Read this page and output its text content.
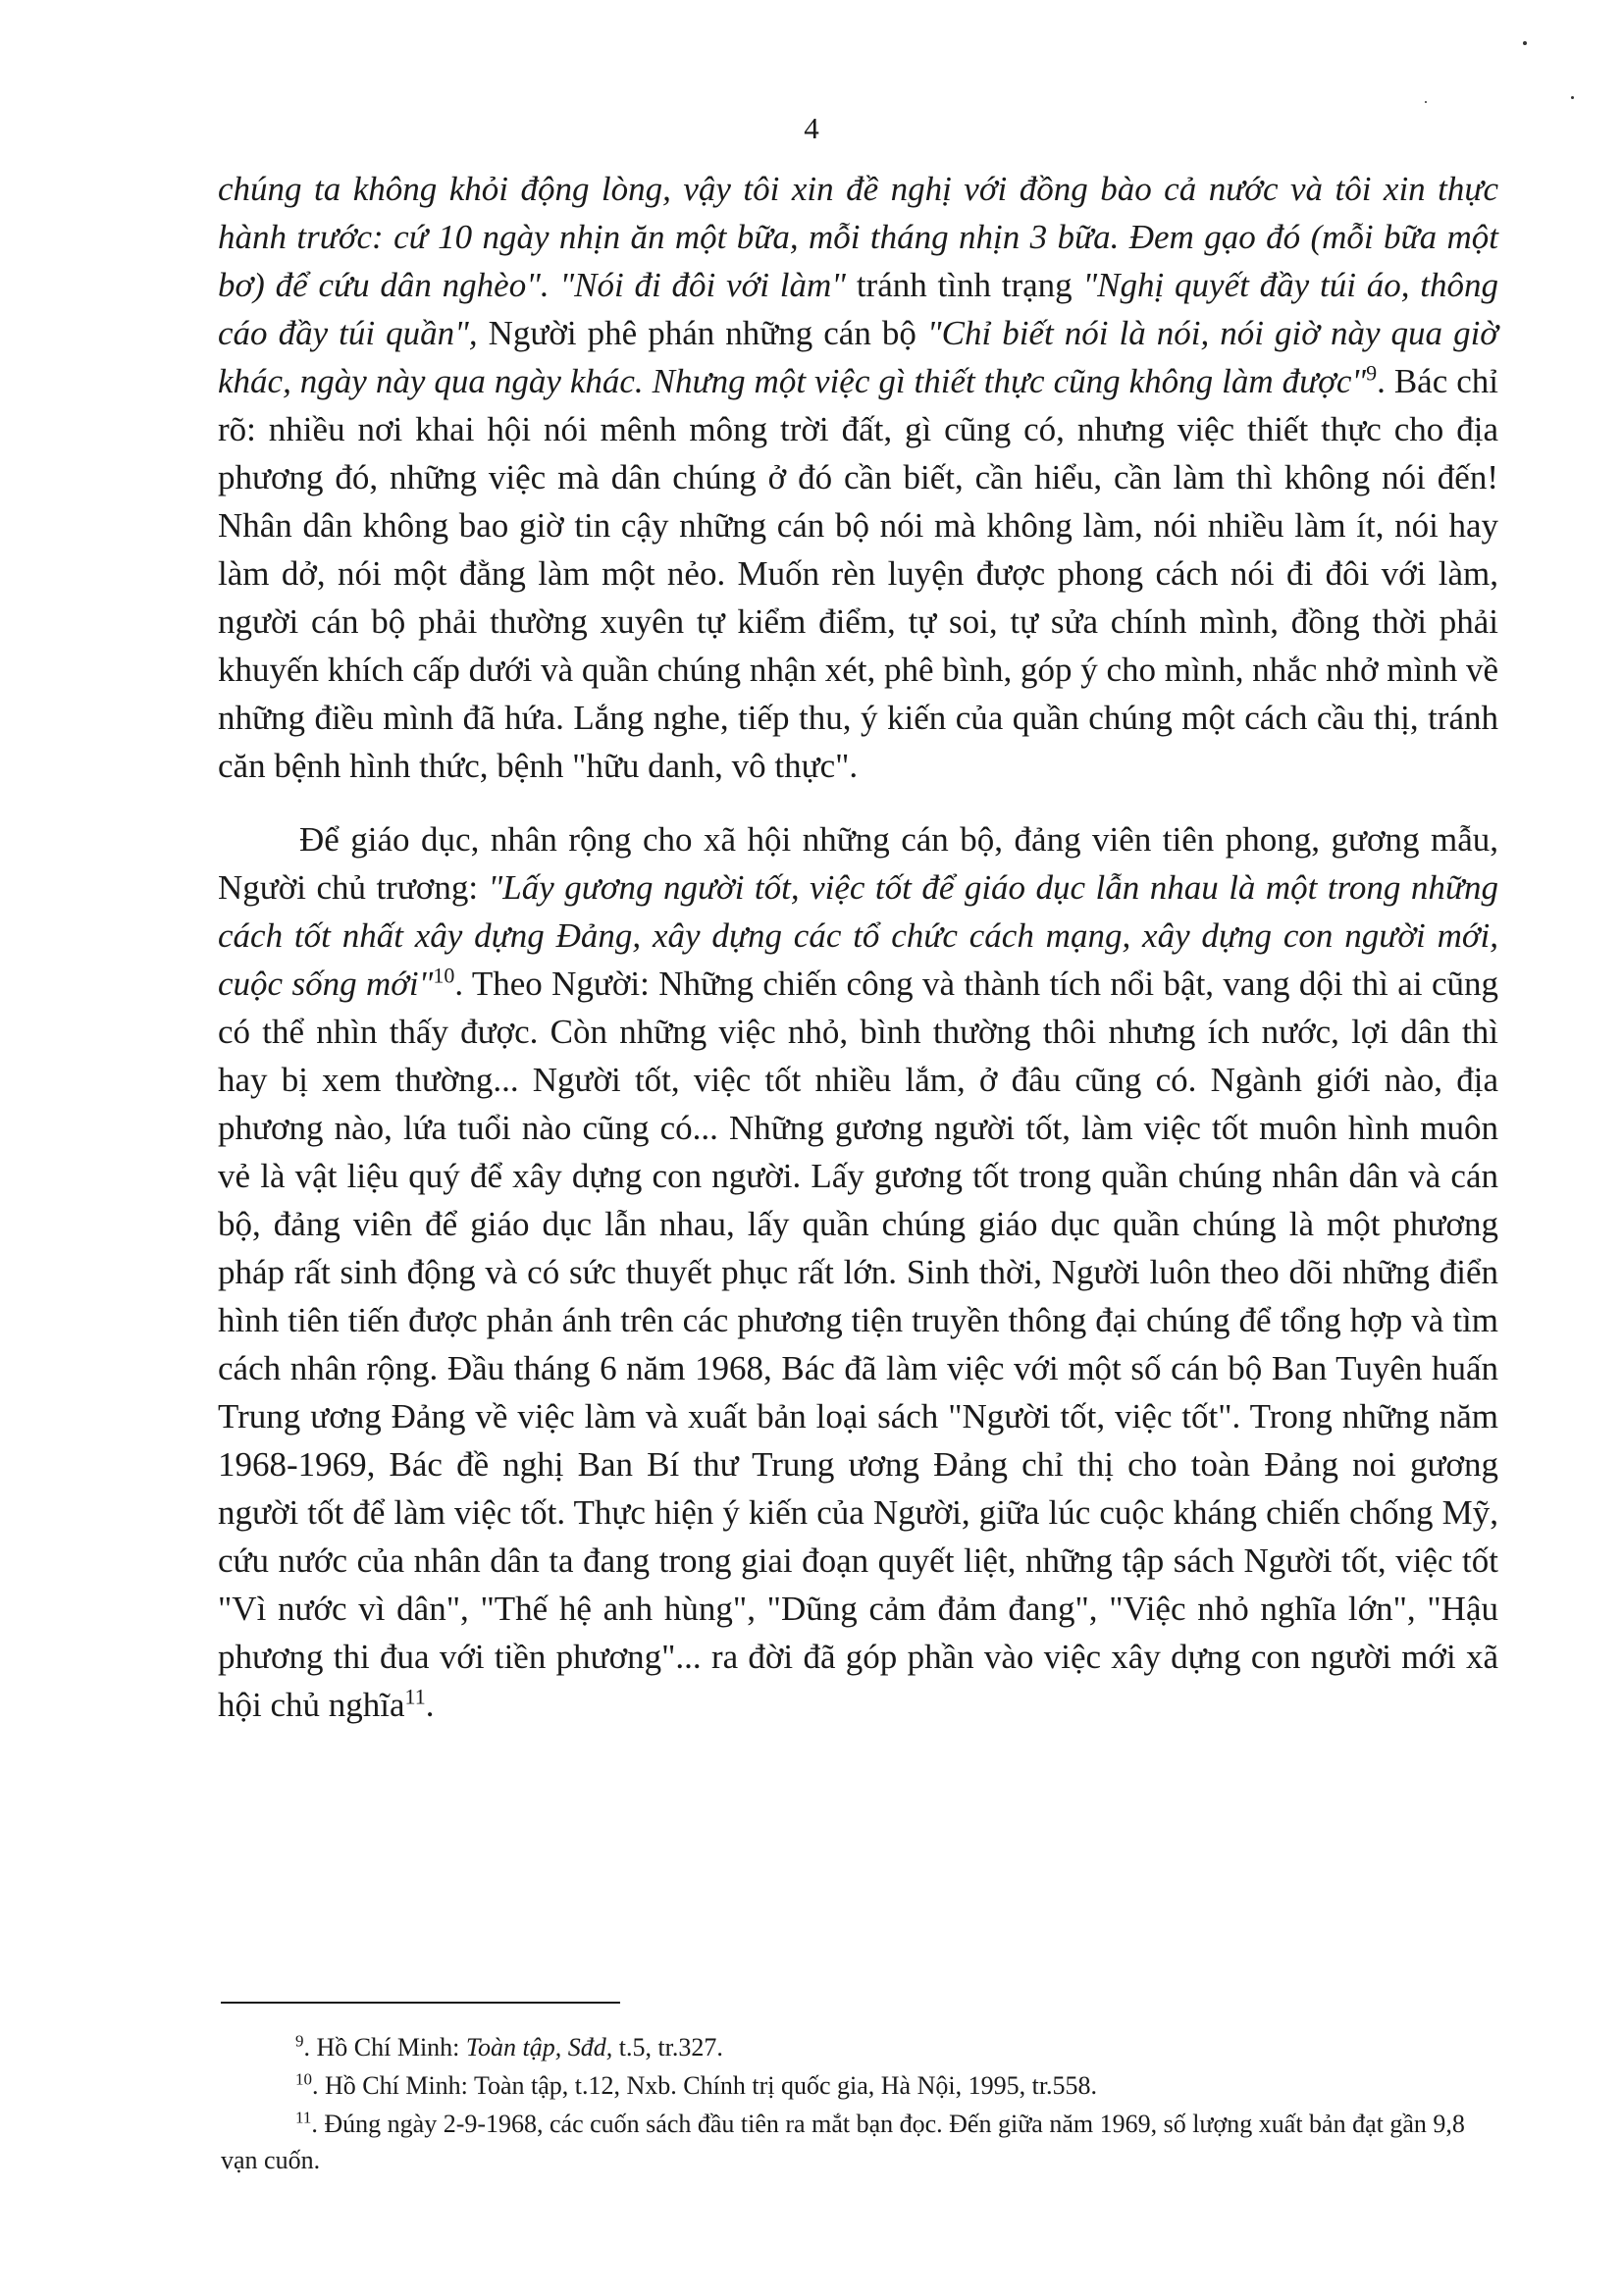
4

chúng ta không khỏi động lòng, vậy tôi xin đề nghị với đồng bào cả nước và tôi xin thực hành trước: cứ 10 ngày nhịn ăn một bữa, mỗi tháng nhịn 3 bữa. Đem gạo đó (mỗi bữa một bơ) để cứu dân nghèo". "Nói đi đôi với làm" tránh tình trạng "Nghị quyết đầy túi áo, thông cáo đầy túi quần", Người phê phán những cán bộ "Chỉ biết nói là nói, nói giờ này qua giờ khác, ngày này qua ngày khác. Nhưng một việc gì thiết thực cũng không làm được"$^9$. Bác chỉ rõ: nhiều nơi khai hội nói mênh mông trời đất, gì cũng có, nhưng việc thiết thực cho địa phương đó, những việc mà dân chúng ở đó cần biết, cần hiểu, cần làm thì không nói đến! Nhân dân không bao giờ tin cậy những cán bộ nói mà không làm, nói nhiều làm ít, nói hay làm dở, nói một đằng làm một nẻo. Muốn rèn luyện được phong cách nói đi đôi với làm, người cán bộ phải thường xuyên tự kiểm điểm, tự soi, tự sửa chính mình, đồng thời phải khuyến khích cấp dưới và quần chúng nhận xét, phê bình, góp ý cho mình, nhắc nhở mình về những điều mình đã hứa. Lắng nghe, tiếp thu, ý kiến của quần chúng một cách cầu thị, tránh căn bệnh hình thức, bệnh "hữu danh, vô thực".

Để giáo dục, nhân rộng cho xã hội những cán bộ, đảng viên tiên phong, gương mẫu, Người chủ trương: "Lấy gương người tốt, việc tốt để giáo dục lẫn nhau là một trong những cách tốt nhất xây dựng Đảng, xây dựng các tổ chức cách mạng, xây dựng con người mới, cuộc sống mới"$^{10}$. Theo Người: Những chiến công và thành tích nổi bật, vang dội thì ai cũng có thể nhìn thấy được. Còn những việc nhỏ, bình thường thôi nhưng ích nước, lợi dân thì hay bị xem thường... Người tốt, việc tốt nhiều lắm, ở đâu cũng có. Ngành giới nào, địa phương nào, lứa tuổi nào cũng có... Những gương người tốt, làm việc tốt muôn hình muôn vẻ là vật liệu quý để xây dựng con người. Lấy gương tốt trong quần chúng nhân dân và cán bộ, đảng viên để giáo dục lẫn nhau, lấy quần chúng giáo dục quần chúng là một phương pháp rất sinh động và có sức thuyết phục rất lớn. Sinh thời, Người luôn theo dõi những điển hình tiên tiến được phản ánh trên các phương tiện truyền thông đại chúng để tổng hợp và tìm cách nhân rộng. Đầu tháng 6 năm 1968, Bác đã làm việc với một số cán bộ Ban Tuyên huấn Trung ương Đảng về việc làm và xuất bản loại sách "Người tốt, việc tốt". Trong những năm 1968-1969, Bác đề nghị Ban Bí thư Trung ương Đảng chỉ thị cho toàn Đảng noi gương người tốt để làm việc tốt. Thực hiện ý kiến của Người, giữa lúc cuộc kháng chiến chống Mỹ, cứu nước của nhân dân ta đang trong giai đoạn quyết liệt, những tập sách Người tốt, việc tốt "Vì nước vì dân", "Thế hệ anh hùng", "Dũng cảm đảm đang", "Việc nhỏ nghĩa lớn", "Hậu phương thi đua với tiền phương"... ra đời đã góp phần vào việc xây dựng con người mới xã hội chủ nghĩa$^{11}$.

$^9$. Hồ Chí Minh: Toàn tập, Sđd, t.5, tr.327.

$^{10}$. Hồ Chí Minh: Toàn tập, t.12, Nxb. Chính trị quốc gia, Hà Nội, 1995, tr.558.

$^{11}$. Đúng ngày 2-9-1968, các cuốn sách đầu tiên ra mắt bạn đọc. Đến giữa năm 1969, số lượng xuất bản đạt gần 9,8 vạn cuốn.
